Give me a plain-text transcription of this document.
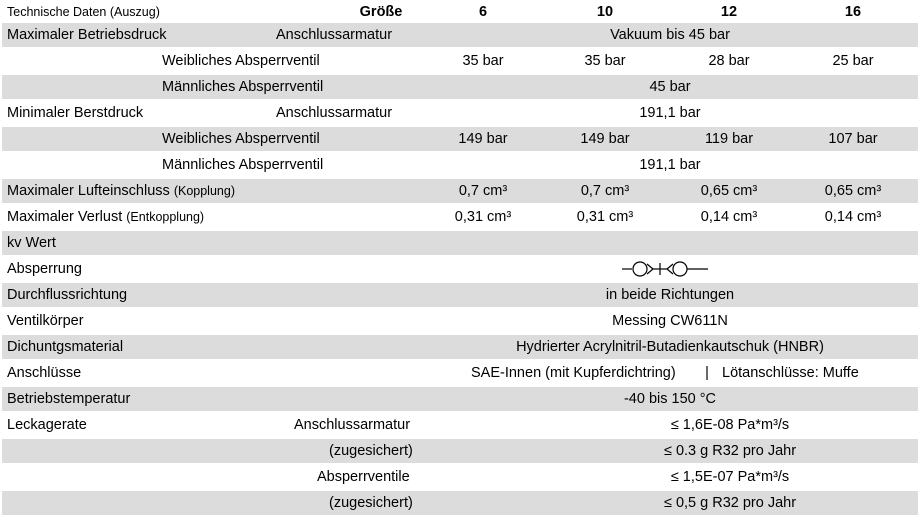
Technische Daten (Auszug)	Größe	6	10	12	16
Maximaler Betriebsdruck	Anschlussarmatur	Vakuum bis 45 bar
Weibliches Absperrventil	35 bar	35 bar	28 bar	25 bar
Männliches Absperrventil	45 bar
Minimaler Berstdruck	Anschlussarmatur	191,1 bar
Weibliches Absperrventil	149 bar	149 bar	119 bar	107 bar
Männliches Absperrventil	191,1 bar
Maximaler Lufteinschluss (Kopplung)	0,7 cm³	0,7 cm³	0,65 cm³	0,65 cm³
Maximaler Verlust (Entkopplung)	0,31 cm³	0,31 cm³	0,14 cm³	0,14 cm³
kv Wert
Absperrung
Durchflussrichtung	in beide Richtungen
Ventilkörper	Messing CW611N
Dichuntgsmaterial	Hydrierter Acrylnitril-Butadienkautschuk (HNBR)
Anschlüsse	SAE-Innen (mit Kupferdichtring) | Lötanschlüsse: Muffe
Betriebstemperatur	-40 bis 150 °C
Leckagerate	Anschlussarmatur	≤ 1,6E-08 Pa*m³/s
(zugesichert)	≤ 0.3 g R32 pro Jahr
Absperrventile	≤ 1,5E-07 Pa*m³/s
(zugesichert)	≤ 0,5 g R32 pro Jahr
